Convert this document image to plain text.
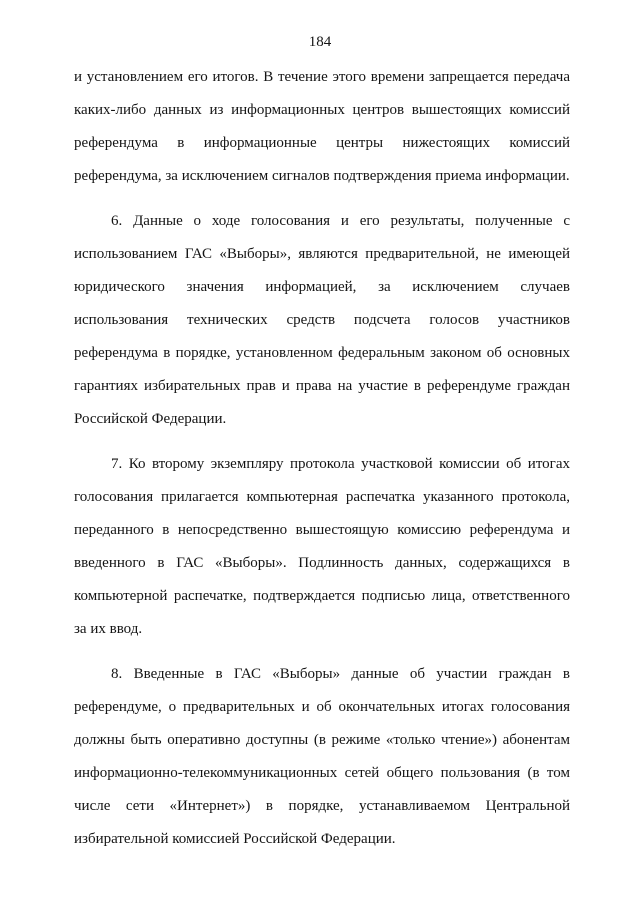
184
и установлением его итогов. В течение этого времени запрещается передача
каких-либо данных из информационных центров вышестоящих комиссий
референдума в информационные центры нижестоящих комиссий
референдума, за исключением сигналов подтверждения приема информации.
6. Данные о ходе голосования и его результаты, полученные с
использованием ГАС «Выборы», являются предварительной, не имеющей
юридического значения информацией, за исключением случаев
использования технических средств подсчета голосов участников
референдума в порядке, установленном федеральным законом об основных
гарантиях избирательных прав и права на участие в референдуме граждан
Российской Федерации.
7. Ко второму экземпляру протокола участковой комиссии об итогах
голосования прилагается компьютерная распечатка указанного протокола,
переданного в непосредственно вышестоящую комиссию референдума и
введенного в ГАС «Выборы». Подлинность данных, содержащихся в
компьютерной распечатке, подтверждается подписью лица, ответственного
за их ввод.
8. Введенные в ГАС «Выборы» данные об участии граждан в
референдуме, о предварительных и об окончательных итогах голосования
должны быть оперативно доступны (в режиме «только чтение») абонентам
информационно-телекоммуникационных сетей общего пользования (в том
числе сети «Интернет») в порядке, устанавливаемом Центральной
избирательной комиссией Российской Федерации.
